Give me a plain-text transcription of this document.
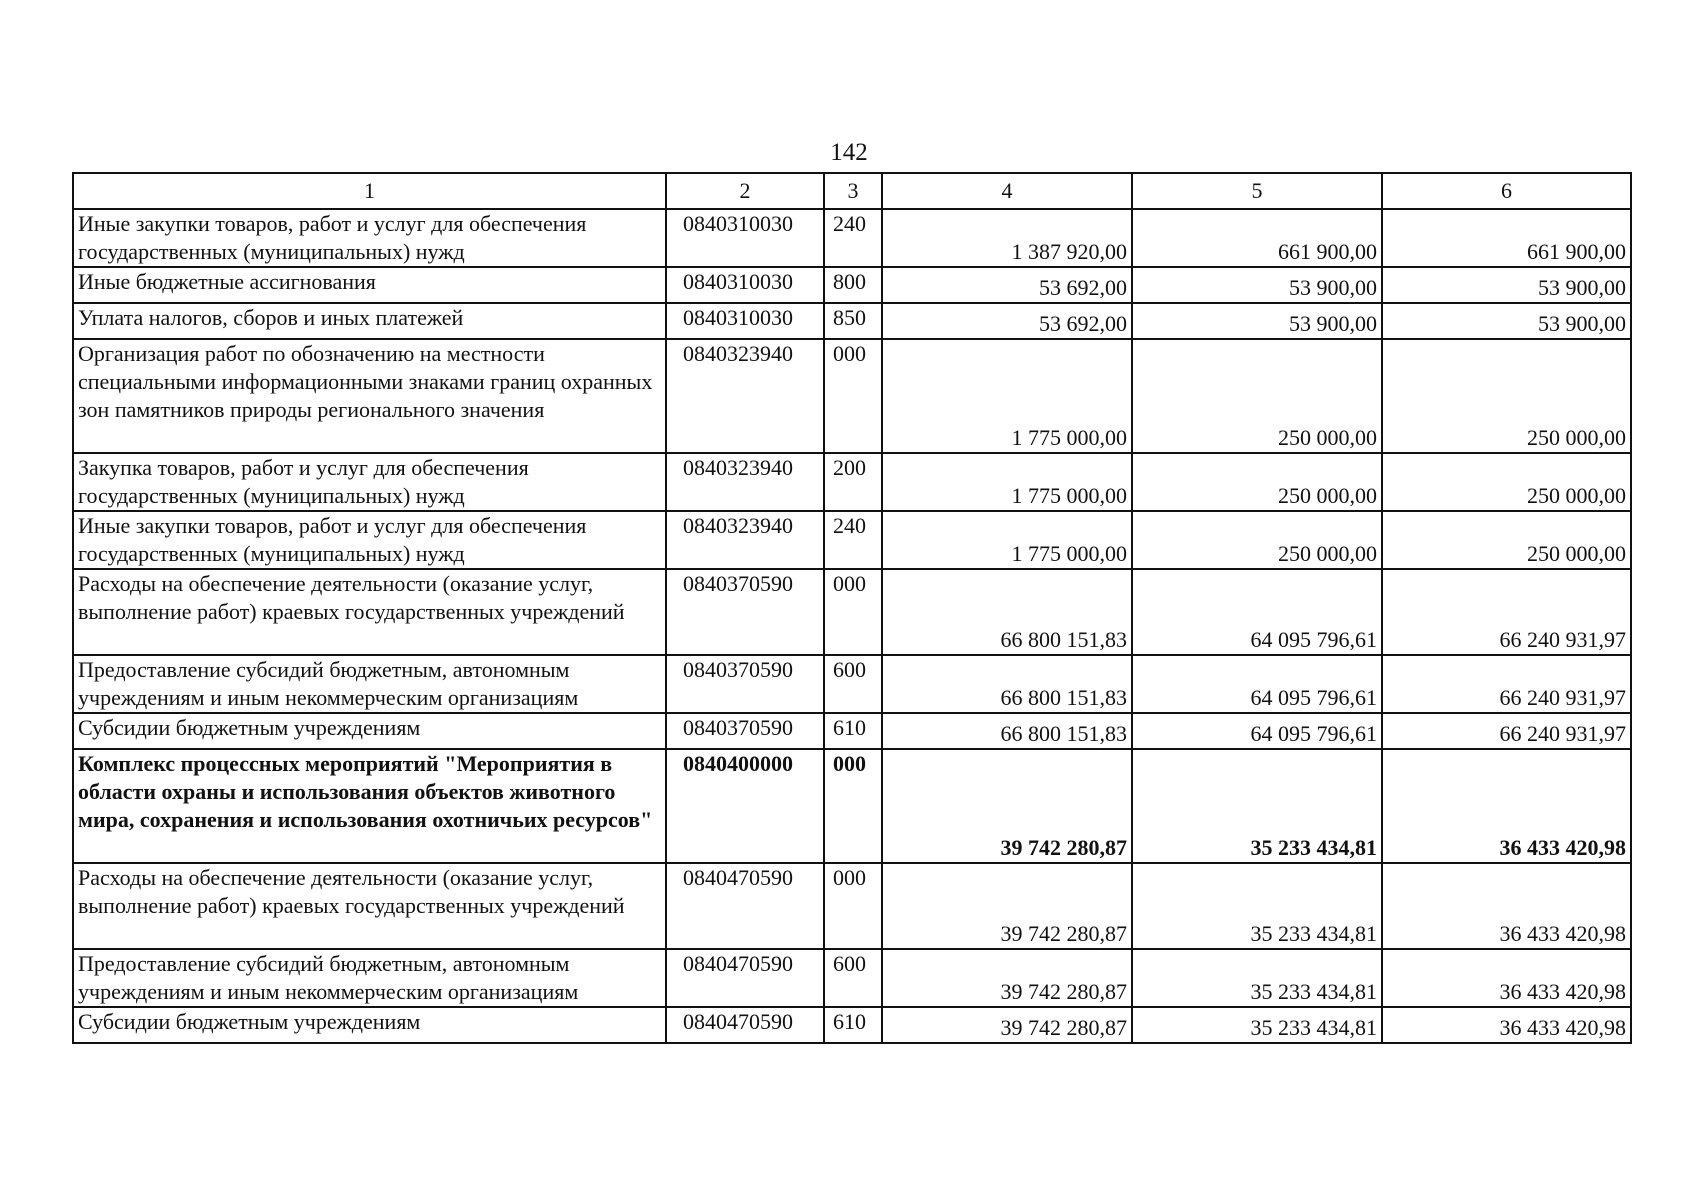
142
1	2	3	4	5	6
Иные закупки товаров, работ и услуг для обеспечения государственных (муниципальных) нужд	0840310030	240	1 387 920,00	661 900,00	661 900,00
Иные бюджетные ассигнования	0840310030	800	53 692,00	53 900,00	53 900,00
Уплата налогов, сборов и иных платежей	0840310030	850	53 692,00	53 900,00	53 900,00
Организация работ по обозначению на местности специальными информационными знаками границ охранных зон памятников природы регионального значения	0840323940	000	1 775 000,00	250 000,00	250 000,00
Закупка товаров, работ и услуг для обеспечения государственных (муниципальных) нужд	0840323940	200	1 775 000,00	250 000,00	250 000,00
Иные закупки товаров, работ и услуг для обеспечения государственных (муниципальных) нужд	0840323940	240	1 775 000,00	250 000,00	250 000,00
Расходы на обеспечение деятельности (оказание услуг, выполнение работ) краевых государственных учреждений	0840370590	000	66 800 151,83	64 095 796,61	66 240 931,97
Предоставление субсидий бюджетным, автономным учреждениям и иным некоммерческим организациям	0840370590	600	66 800 151,83	64 095 796,61	66 240 931,97
Субсидии бюджетным учреждениям	0840370590	610	66 800 151,83	64 095 796,61	66 240 931,97
Комплекс процессных мероприятий "Мероприятия в области охраны и использования объектов животного мира, сохранения и использования охотничьих ресурсов"	0840400000	000	39 742 280,87	35 233 434,81	36 433 420,98
Расходы на обеспечение деятельности (оказание услуг, выполнение работ) краевых государственных учреждений	0840470590	000	39 742 280,87	35 233 434,81	36 433 420,98
Предоставление субсидий бюджетным, автономным учреждениям и иным некоммерческим организациям	0840470590	600	39 742 280,87	35 233 434,81	36 433 420,98
Субсидии бюджетным учреждениям	0840470590	610	39 742 280,87	35 233 434,81	36 433 420,98
